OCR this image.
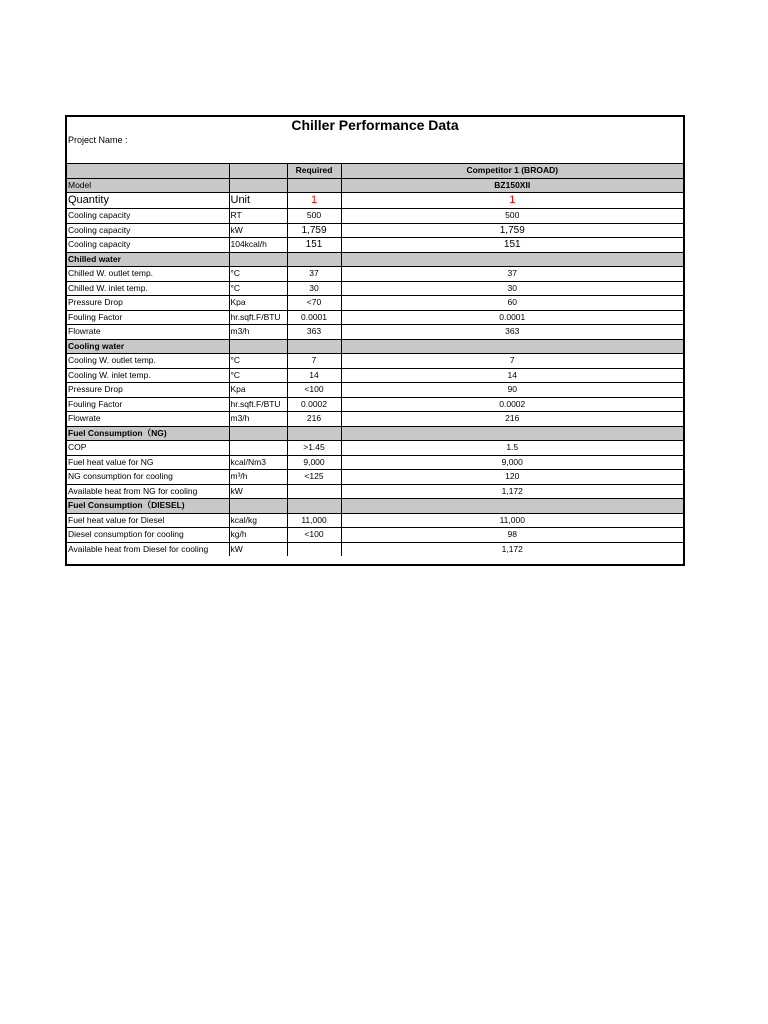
Chiller Performance Data
Project Name :
		Required	Competitor 1 (BROAD)
Model			BZ150XII
Quantity	Unit	1	1
Cooling capacity	RT	500	500
Cooling capacity	kW	1,759	1,759
Cooling capacity	104kcal/h	151	151
Chilled water			
Chilled W. outlet temp.	°C	37	37
Chilled W. inlet temp.	°C	30	30
Pressure Drop	Kpa	<70	60
Fouling Factor	hr.sqft.F/BTU	0.0001	0.0001
Flowrate	m3/h	363	363
Cooling water			
Cooling W. outlet temp.	°C	7	7
Cooling W. inlet temp.	°C	14	14
Pressure Drop	Kpa	<100	90
Fouling Factor	hr.sqft.F/BTU	0.0002	0.0002
Flowrate	m3/h	216	216
Fuel Consumption（NG)			
COP		>1.45	1.5
Fuel heat value for NG	kcal/Nm3	9,000	9,000
NG consumption for cooling	m³/h	<125	120
Available heat from NG for cooling	kW		1,172
Fuel Consumption（DIESEL)			
Fuel heat value for Diesel	kcal/kg	11,000	11,000
Diesel consumption for cooling	kg/h	<100	98
Available heat from Diesel for cooling	kW		1,172
